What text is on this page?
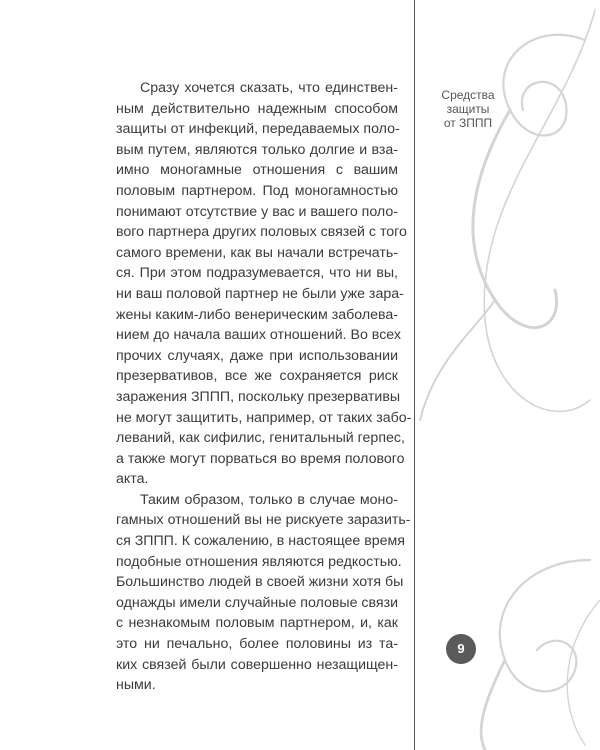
Сразу хочется сказать, что единствен-
ным действительно надежным способом
защиты от инфекций, передаваемых поло-
вым путем, являются только долгие и вза-
имно моногамные отношения с вашим
половым партнером. Под моногамностью
понимают отсутствие у вас и вашего поло-
вого партнера других половых связей с того
самого времени, как вы начали встречать-
ся. При этом подразумевается, что ни вы,
ни ваш половой партнер не были уже зара-
жены каким-либо венерическим заболева-
нием до начала ваших отношений. Во всех
прочих случаях, даже при использовании
презервативов, все же сохраняется риск
заражения ЗППП, поскольку презервативы
не могут защитить, например, от таких забо-
леваний, как сифилис, генитальный герпес,
а также могут порваться во время полового
акта.
Таким образом, только в случае моно-
гамных отношений вы не рискуете заразить-
ся ЗППП. К сожалению, в настоящее время
подобные отношения являются редкостью.
Большинство людей в своей жизни хотя бы
однажды имели случайные половые связи
с незнакомым половым партнером, и, как
это ни печально, более половины из та-
ких связей были совершенно незащищен-
ными.
Средства
защиты
от ЗППП
9
